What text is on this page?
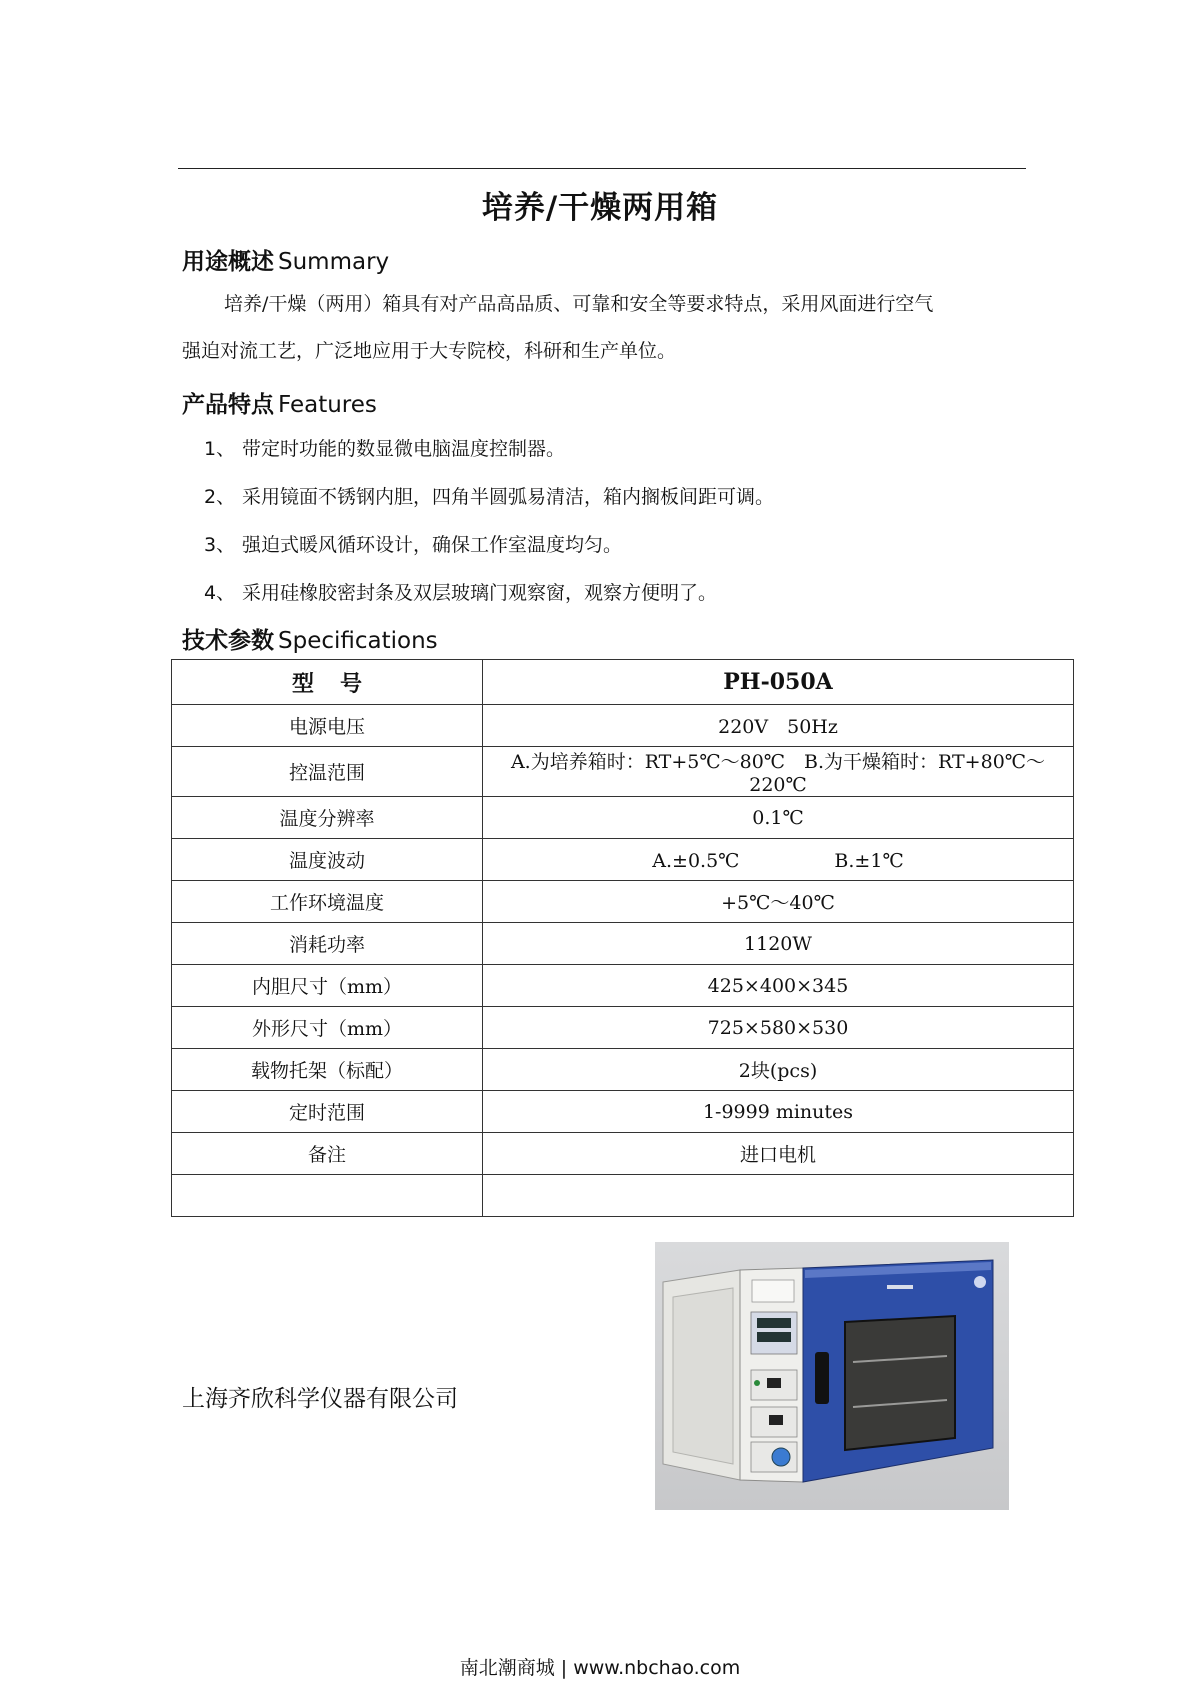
培养/干燥两用箱
用途概述 Summary
培养/干燥（两用）箱具有对产品高品质、可靠和安全等要求特点，采用风面进行空气
强迫对流工艺，广泛地应用于大专院校，科研和生产单位。
产品特点 Features
1、 带定时功能的数显微电脑温度控制器。
2、 采用镜面不锈钢内胆，四角半圆弧易清洁，箱内搁板间距可调。
3、 强迫式暖风循环设计，确保工作室温度均匀。
4、 采用硅橡胶密封条及双层玻璃门观察窗，观察方便明了。
技术参数 Specifications
型号	PH-050A
电源电压	220V　50Hz
控温范围	A.为培养箱时：RT+5℃～80℃　B.为干燥箱时：RT+80℃～220℃
温度分辨率	0.1℃
温度波动	A.±0.5℃　　　　　B.±1℃
工作环境温度	+5℃～40℃
消耗功率	1120W
内胆尺寸（mm）	425×400×345
外形尺寸（mm）	725×580×530
载物托架（标配）	2块(pcs)
定时范围	1-9999 minutes
备注	进口电机

上海齐欣科学仪器有限公司
南北潮商城 | www.nbchao.com
